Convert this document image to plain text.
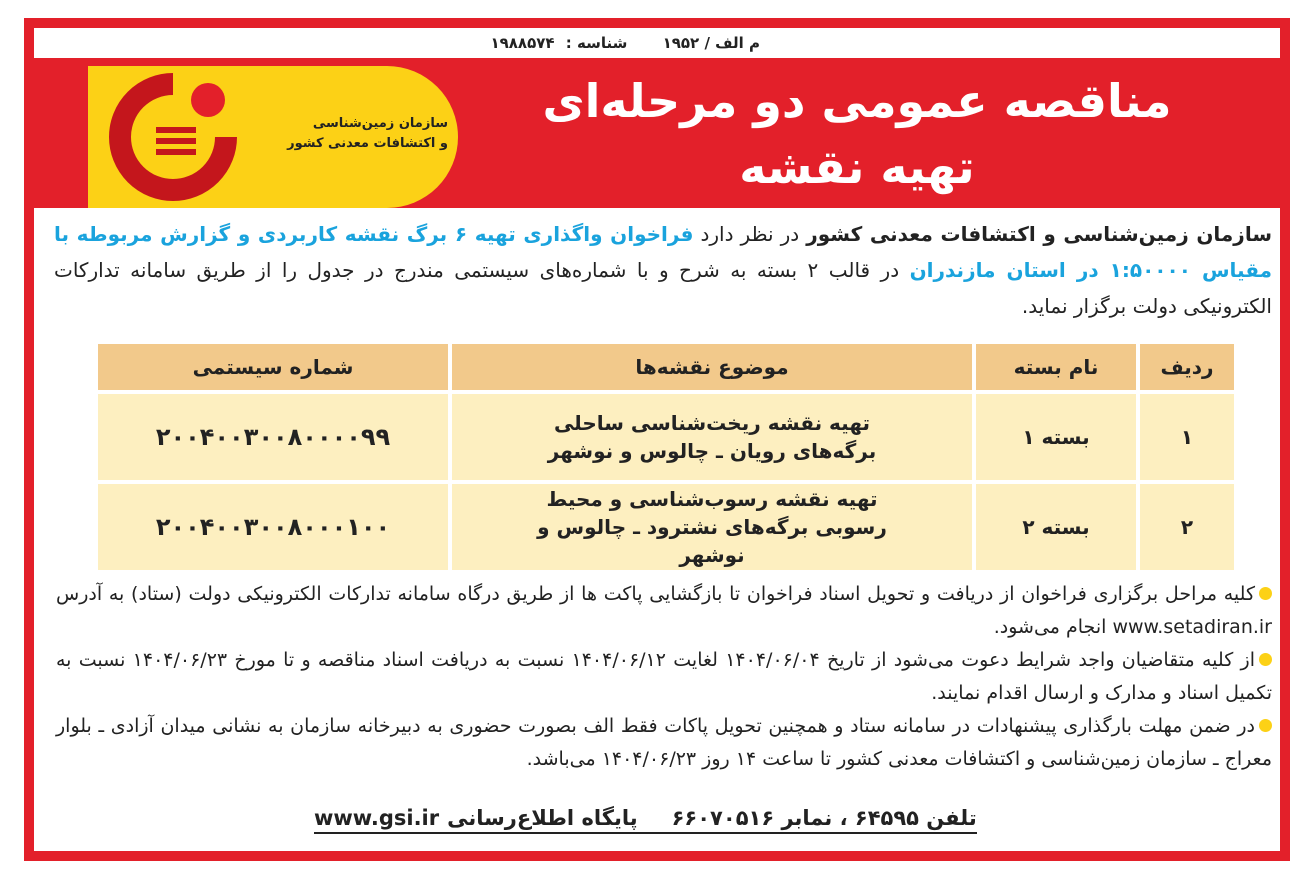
م الف / ۱۹۵۲ شناسه : ۱۹۸۸۵۷۴
سازمان زمین‌شناسی
و اکتشافات معدنی کشور
مناقصه عمومی دو مرحله‌ای
تهیه نقشه
سازمان زمین‌شناسی و اکتشافات معدنی کشور در نظر دارد فراخوان واگذاری تهیه ۶ برگ نقشه کاربردی و گزارش مربوطه با مقیاس ۱:۵۰۰۰۰ در استان مازندران در قالب ۲ بسته به شرح و با شماره‌های سیستمی مندرج در جدول را از طریق سامانه تدارکات الکترونیکی دولت برگزار نماید.
ردیف	نام بسته	موضوع نقشه‌ها	شماره سیستمی
۱	بسته ۱	تهیه نقشه ریخت‌شناسی ساحلی برگه‌های رویان ـ چالوس و نوشهر	۲۰۰۴۰۰۳۰۰۸۰۰۰۰۹۹
۲	بسته ۲	تهیه نقشه رسوب‌شناسی و محیط رسوبی برگه‌های نشترود ـ چالوس و نوشهر	۲۰۰۴۰۰۳۰۰۸۰۰۰۱۰۰

کلیه مراحل برگزاری فراخوان از دریافت و تحویل اسناد فراخوان تا بازگشایی پاکت ها از طریق درگاه سامانه تدارکات الکترونیکی دولت (ستاد) به آدرس www.setadiran.ir انجام می‌شود.

از کلیه متقاضیان واجد شرایط دعوت می‌شود از تاریخ ۱۴۰۴/۰۶/۰۴ لغایت ۱۴۰۴/۰۶/۱۲ نسبت به دریافت اسناد مناقصه و تا مورخ ۱۴۰۴/۰۶/۲۳ نسبت به تکمیل اسناد و مدارک و ارسال اقدام نمایند.

در ضمن مهلت بارگذاری پیشنهادات در سامانه ستاد و همچنین تحویل پاکات فقط الف بصورت حضوری به دبیرخانه سازمان به نشانی میدان آزادی ـ بلوار معراج ـ سازمان زمین‌شناسی و اکتشافات معدنی کشور تا ساعت ۱۴ روز ۱۴۰۴/۰۶/۲۳ می‌باشد.

تلفن ۶۴۵۹۵ ، نمابر ۶۶۰۷۰۵۱۶پایگاه اطلاع‌رسانیwww.gsi.ir
